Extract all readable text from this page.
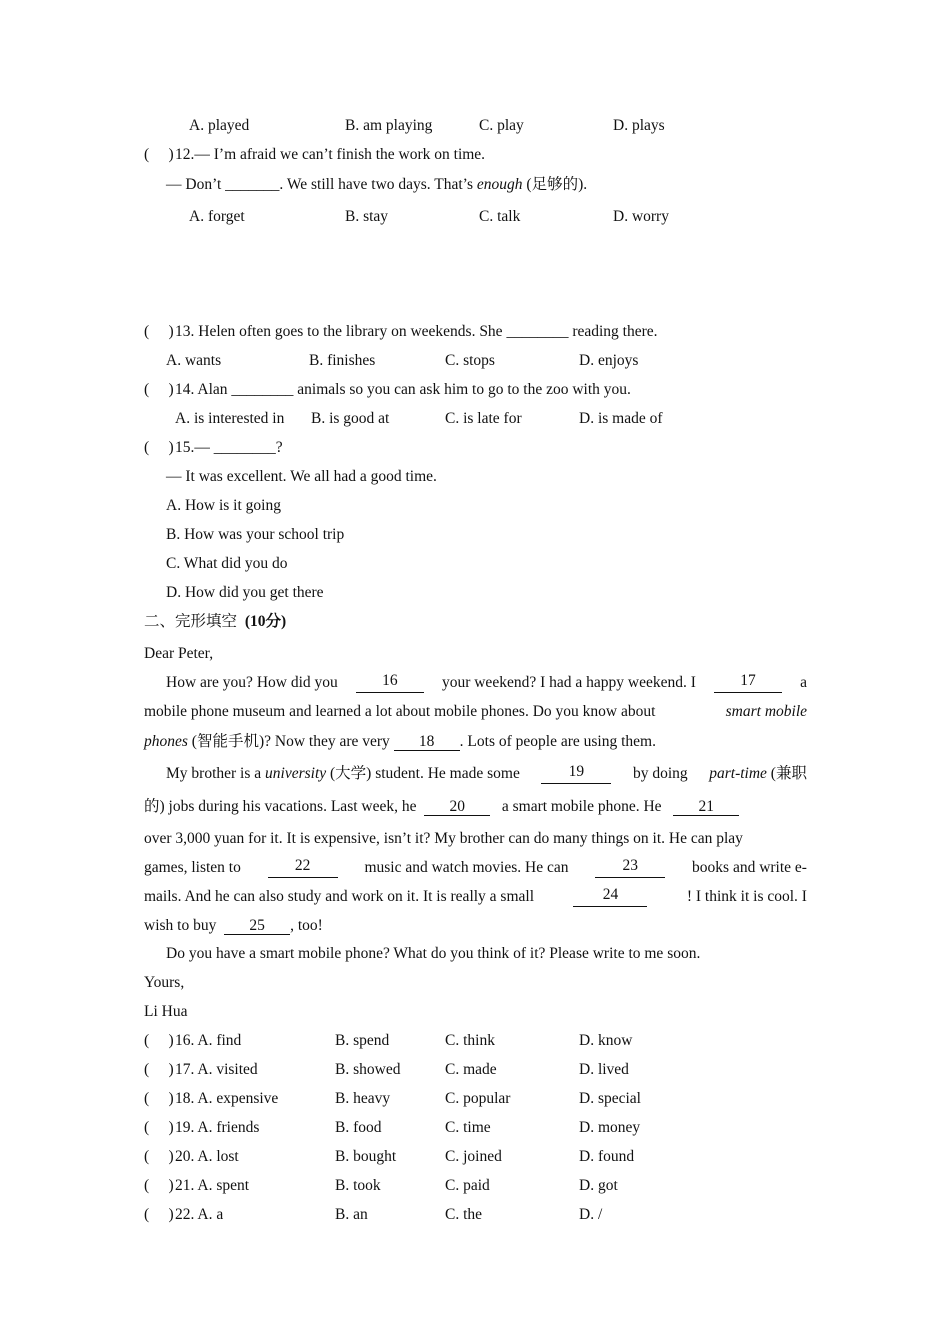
A. played	B. am playing	C. play	D. plays
(     ) 12.— I’m afraid we can’t finish the work on time.
— Don’t _______. We still have two days. That’s enough (足够的).
A. forget	B. stay	C. talk	D. worry
(     ) 13. Helen often goes to the library on weekends. She ________ reading there.
A. wants	B. finishes	C. stops	D. enjoys
(     ) 14. Alan ________ animals so you can ask him to go to the zoo with you.
A. is interested in B. is good at	C. is late for	D. is made of
(     ) 15.— ________?
— It was excellent. We all had a good time.
A. How is it going
B. How was your school trip
C. What did you do
D. How did you get there
二、完形填空 (10分)
Dear Peter,
How are you? How did you	16	your weekend? I had a happy weekend. I	17	a
mobile phone museum and learned a lot about mobile phones. Do you know about	smart mobile
phones (智能手机)? Now they are very 18 . Lots of people are using them.
My brother is a university (大学) student. He made some	19	by doing part-time (兼职
的) jobs during his vacations. Last week, he 20 a smart mobile phone. He 21
over 3,000 yuan for it. It is expensive, isn’t it? My brother can do many things on it. He can play
games, listen to	22	music and watch movies. He can	23	books and write e-
mails. And he can also study and work on it. It is really a small	24	! I think it is cool. I
wish to buy 25 , too!
Do you have a smart mobile phone? What do you think of it? Please write to me soon.
Yours,
Li Hua
(     ) 16. A. find	B. spend	C. think	D. know
(     ) 17. A. visited	B. showed	C. made	D. lived
(     ) 18. A. expensive	B. heavy	C. popular	D. special
(     ) 19. A. friends	B. food	C. time	D. money
(     ) 20. A. lost	B. bought	C. joined	D. found
(     ) 21. A. spent	B. took	C. paid	D. got
(     ) 22. A. a	B. an	C. the	D. /
